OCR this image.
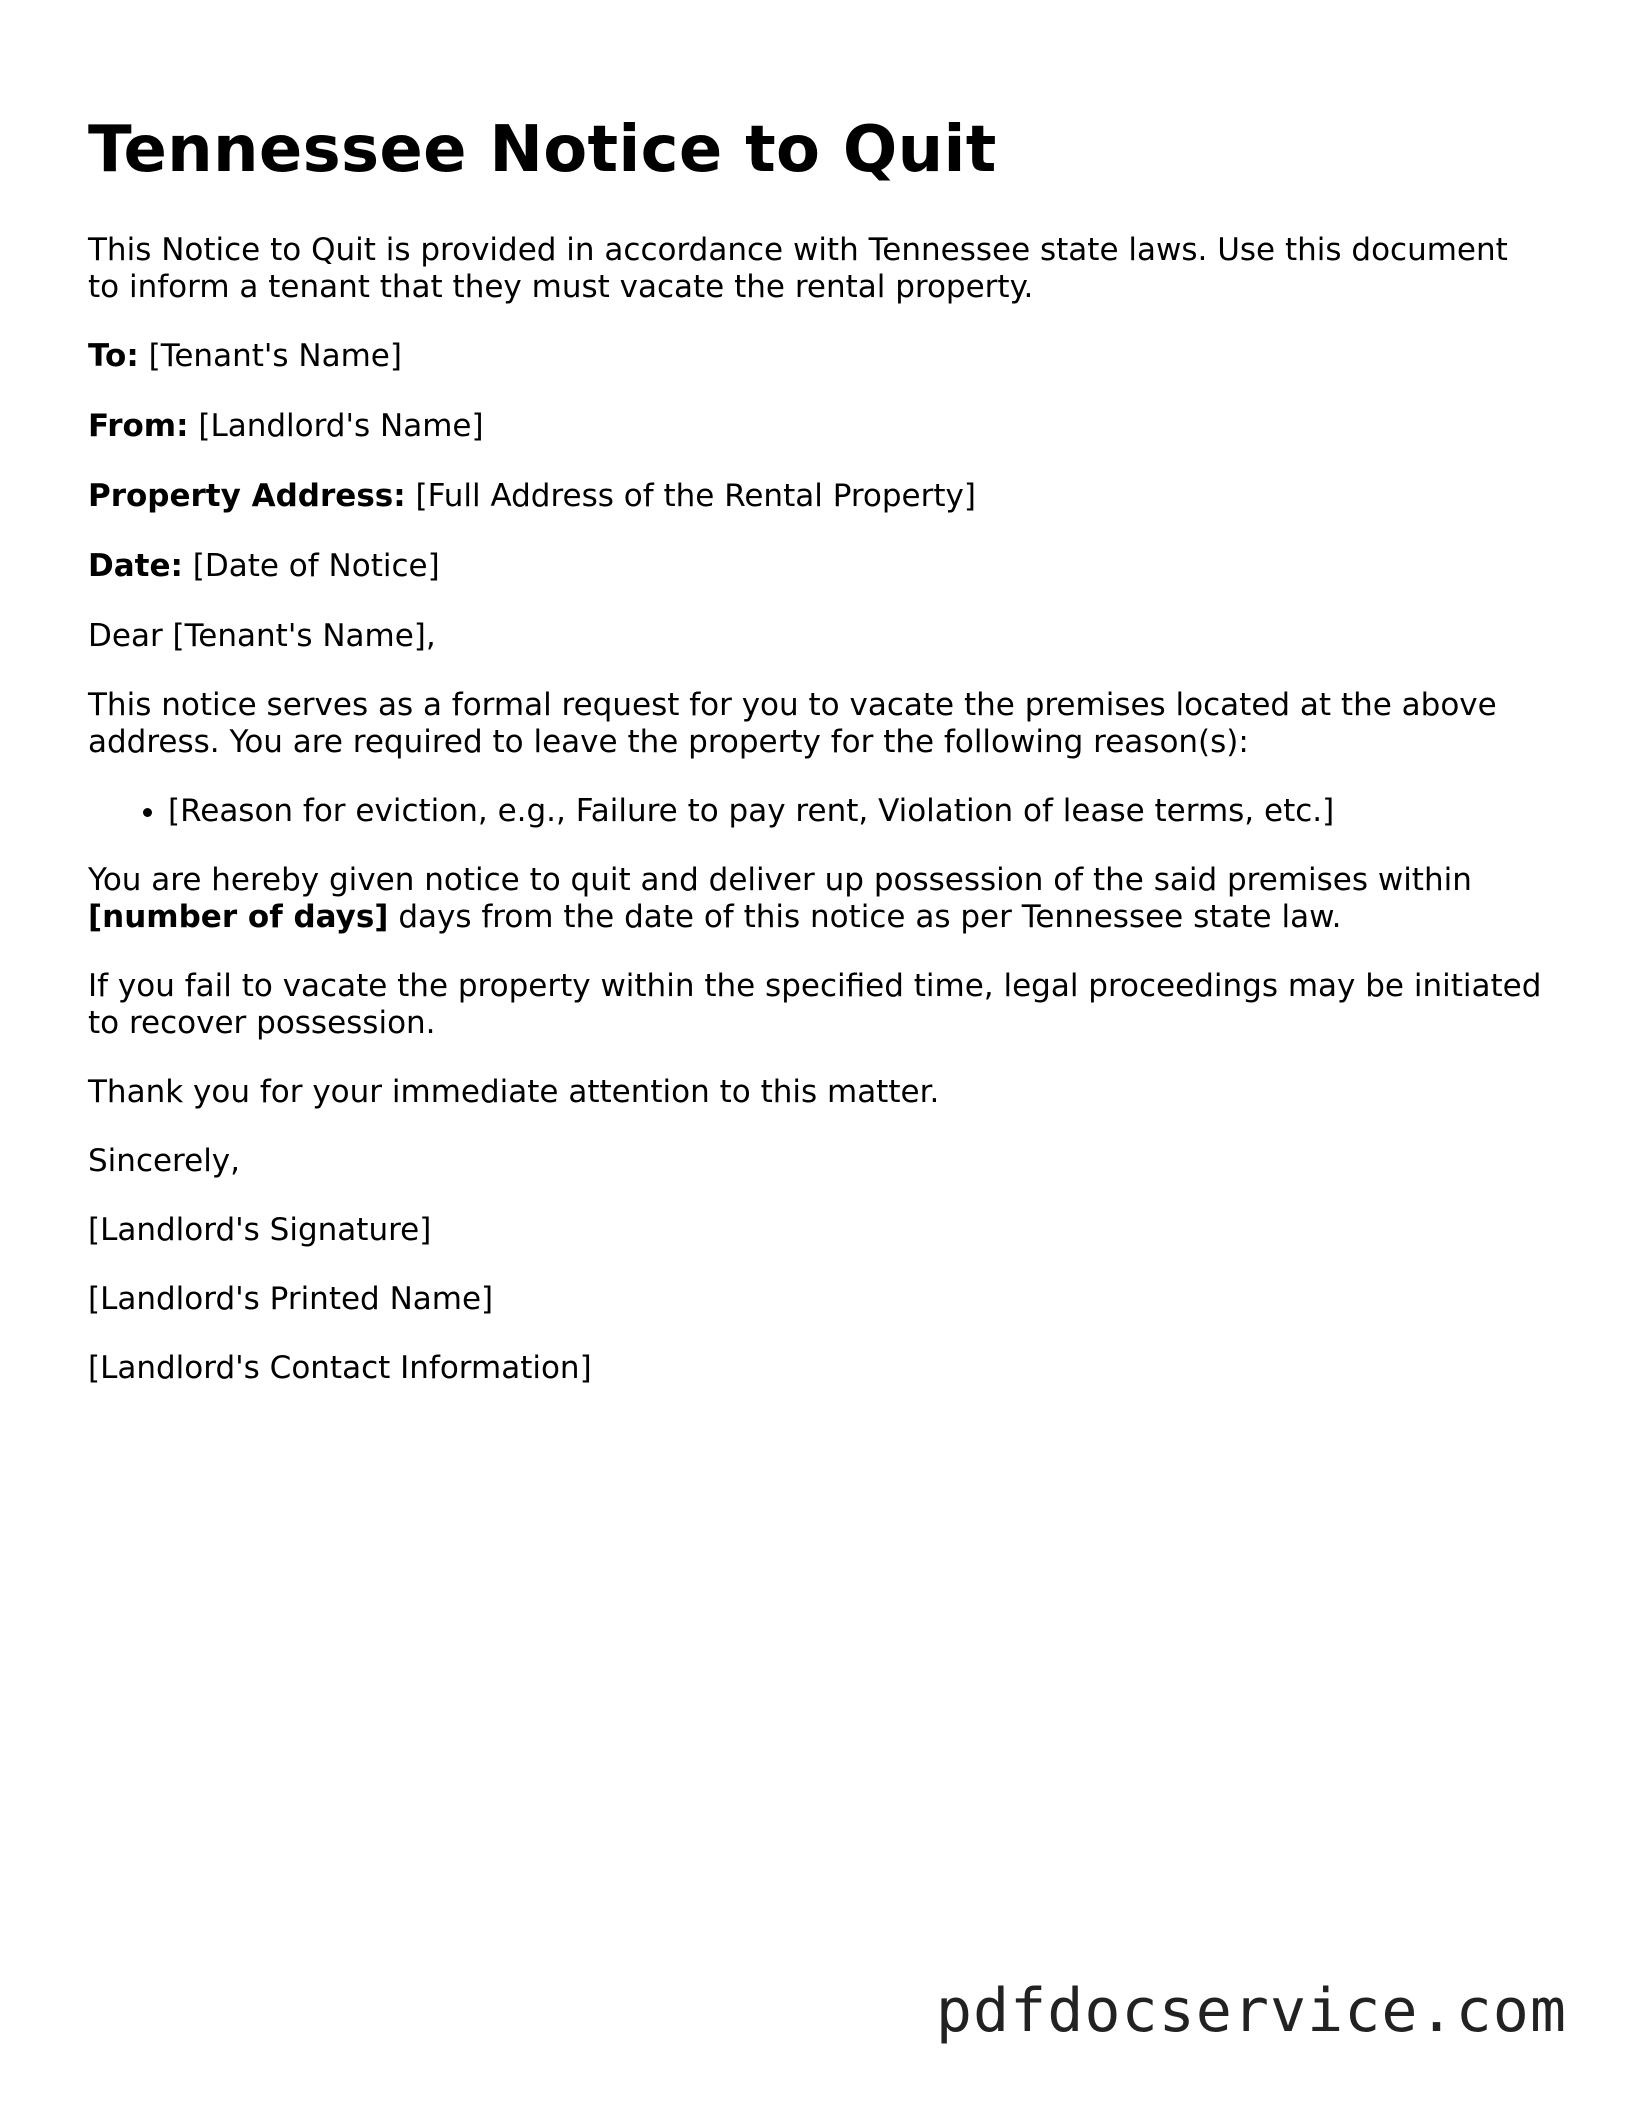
Tennessee Notice to Quit

This Notice to Quit is provided in accordance with Tennessee state laws. Use this document to inform a tenant that they must vacate the rental property.

To: [Tenant's Name]

From: [Landlord's Name]

Property Address: [Full Address of the Rental Property]

Date: [Date of Notice]

Dear [Tenant's Name],

This notice serves as a formal request for you to vacate the premises located at the above address. You are required to leave the property for the following reason(s):

• [Reason for eviction, e.g., Failure to pay rent, Violation of lease terms, etc.]

You are hereby given notice to quit and deliver up possession of the said premises within [number of days] days from the date of this notice as per Tennessee state law.

If you fail to vacate the property within the specified time, legal proceedings may be initiated to recover possession.

Thank you for your immediate attention to this matter.

Sincerely,

[Landlord's Signature]

[Landlord's Printed Name]

[Landlord's Contact Information]

pdfdocservice.com
